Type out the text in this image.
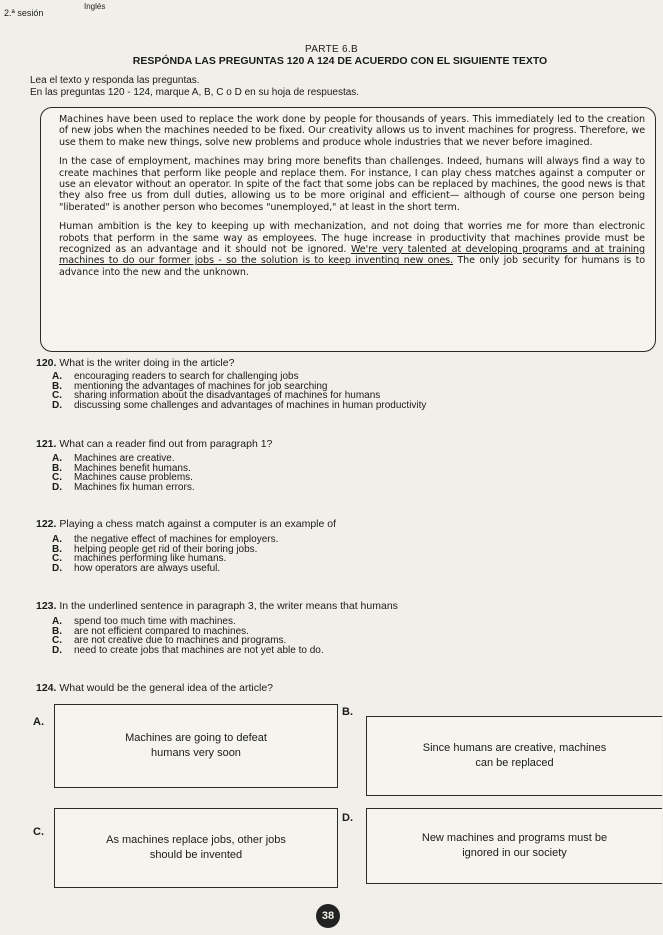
2.ª sesión
Inglés
PARTE 6.B
RESPÓNDA LAS PREGUNTAS 120 A 124 DE ACUERDO CON EL SIGUIENTE TEXTO
Lea el texto y responda las preguntas.
En las preguntas 120 - 124, marque A, B, C o D en su hoja de respuestas.

Machines have been used to replace the work done by people for thousands of years. This immediately led to the creation of new jobs when the machines needed to be fixed. Our creativity allows us to invent machines for progress. Therefore, we use them to make new things, solve new problems and produce whole industries that we never before imagined.

In the case of employment, machines may bring more benefits than challenges. Indeed, humans will always find a way to create machines that perform like people and replace them. For instance, I can play chess matches against a computer or use an elevator without an operator. In spite of the fact that some jobs can be replaced by machines, the good news is that they also free us from dull duties, allowing us to be more original and efficient— although of course one person being "liberated" is another person who becomes "unemployed," at least in the short term.

Human ambition is the key to keeping up with mechanization, and not doing that worries me for more than electronic robots that perform in the same way as employees. The huge increase in productivity that machines provide must be recognized as an advantage and it should not be ignored. We're very talented at developing programs and at training machines to do our former jobs - so the solution is to keep inventing new ones. The only job security for humans is to advance into the new and the unknown.

120. What is the writer doing in the article?
A.	encouraging readers to search for challenging jobs
B.	mentioning the advantages of machines for job searching
C.	sharing information about the disadvantages of machines for humans
D.	discussing some challenges and advantages of machines in human productivity
121. What can a reader find out from paragraph 1?
A.	Machines are creative.
B.	Machines benefit humans.
C.	Machines cause problems.
D.	Machines fix human errors.
122. Playing a chess match against a computer is an example of
A.	the negative effect of machines for employers.
B.	helping people get rid of their boring jobs.
C.	machines performing like humans.
D.	how operators are always useful.
123. In the underlined sentence in paragraph 3, the writer means that humans
A.	spend too much time with machines.
B.	are not efficient compared to machines.
C.	are not creative due to machines and programs.
D.	need to create jobs that machines are not yet able to do.
124. What would be the general idea of the article?
A.
Machines are going to defeat
humans very soon
B.
Since humans are creative, machines
can be replaced
C.
As machines replace jobs, other jobs
should be invented
D.
New machines and programs must be
ignored in our society
38
